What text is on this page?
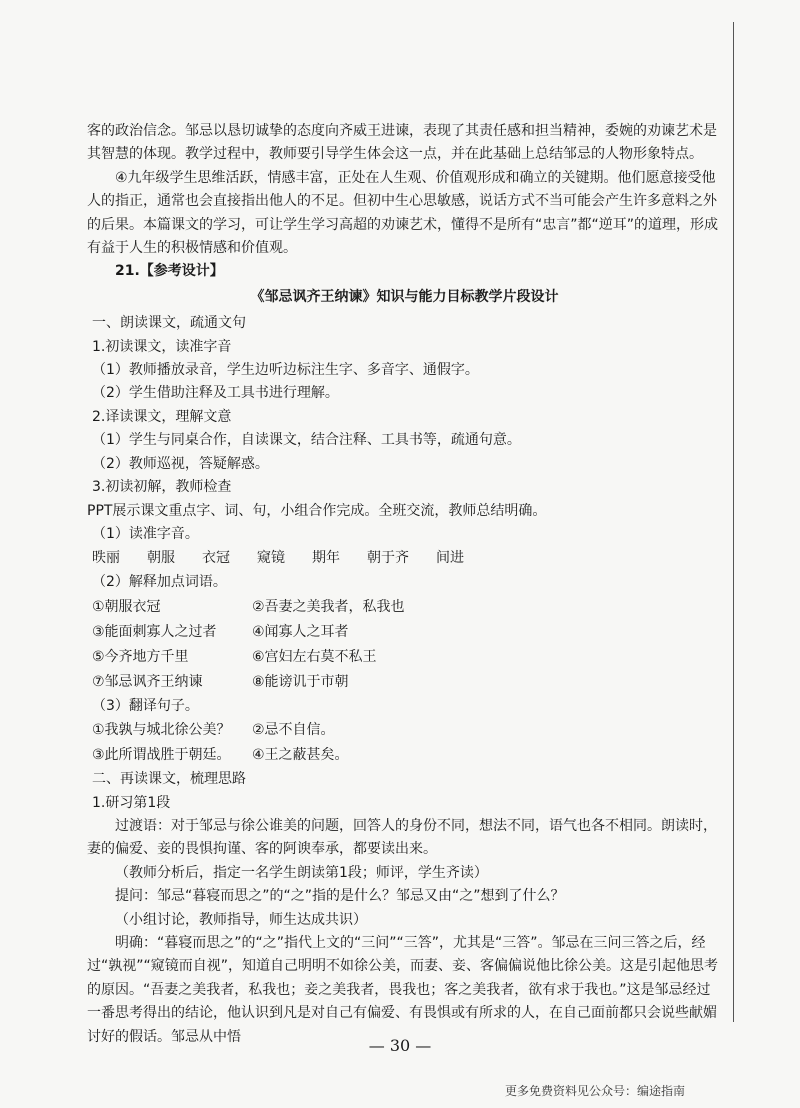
客的政治信念。邹忌以恳切诚挚的态度向齐威王进谏，表现了其责任感和担当精神，委婉的劝谏艺术是其智慧的体现。教学过程中，教师要引导学生体会这一点，并在此基础上总结邹忌的人物形象特点。

④九年级学生思维活跃，情感丰富，正处在人生观、价值观形成和确立的关键期。他们愿意接受他人的指正，通常也会直接指出他人的不足。但初中生心思敏感，说话方式不当可能会产生许多意料之外的后果。本篇课文的学习，可让学生学习高超的劝谏艺术，懂得不是所有“忠言”都“逆耳”的道理，形成有益于人生的积极情感和价值观。

21.【参考设计】

《邹忌讽齐王纳谏》知识与能力目标教学片段设计

一、朗读课文，疏通文句

1.初读课文，读准字音

（1）教师播放录音，学生边听边标注生字、多音字、通假字。

（2）学生借助注释及工具书进行理解。

2.译读课文，理解文意

（1）学生与同桌合作，自读课文，结合注释、工具书等，疏通句意。

（2）教师巡视，答疑解惑。

3.初读初解，教师检查

PPT展示课文重点字、词、句，小组合作完成。全班交流，教师总结明确。

（1）读准字音。

昳丽 朝服 衣冠 窥镜 期年 朝于齐 间进

（2）解释加点词语。

①朝服衣冠	②吾妻之美我者，私我也
③能面刺寡人之过者	④闻寡人之耳者
⑤今齐地方千里	⑥宫妇左右莫不私王
⑦邹忌讽齐王纳谏	⑧能谤讥于市朝

（3）翻译句子。

①我孰与城北徐公美？	②忌不自信。
③此所谓战胜于朝廷。	④王之蔽甚矣。

二、再读课文，梳理思路

1.研习第1段

过渡语：对于邹忌与徐公谁美的问题，回答人的身份不同，想法不同，语气也各不相同。朗读时，妻的偏爱、妾的畏惧拘谨、客的阿谀奉承，都要读出来。

（教师分析后，指定一名学生朗读第1段；师评，学生齐读）

提问：邹忌“暮寝而思之”的“之”指的是什么？邹忌又由“之”想到了什么？

（小组讨论，教师指导，师生达成共识）

明确：“暮寝而思之”的“之”指代上文的“三问”“三答”，尤其是“三答”。邹忌在三问三答之后，经过“孰视”“窥镜而自视”，知道自己明明不如徐公美，而妻、妾、客偏偏说他比徐公美。这是引起他思考的原因。“吾妻之美我者，私我也；妾之美我者，畏我也；客之美我者，欲有求于我也。”这是邹忌经过一番思考得出的结论，他认识到凡是对自己有偏爱、有畏惧或有所求的人，在自己面前都只会说些献媚讨好的假话。邹忌从中悟	— 30 —
更多免费资料见公众号：编途指南
